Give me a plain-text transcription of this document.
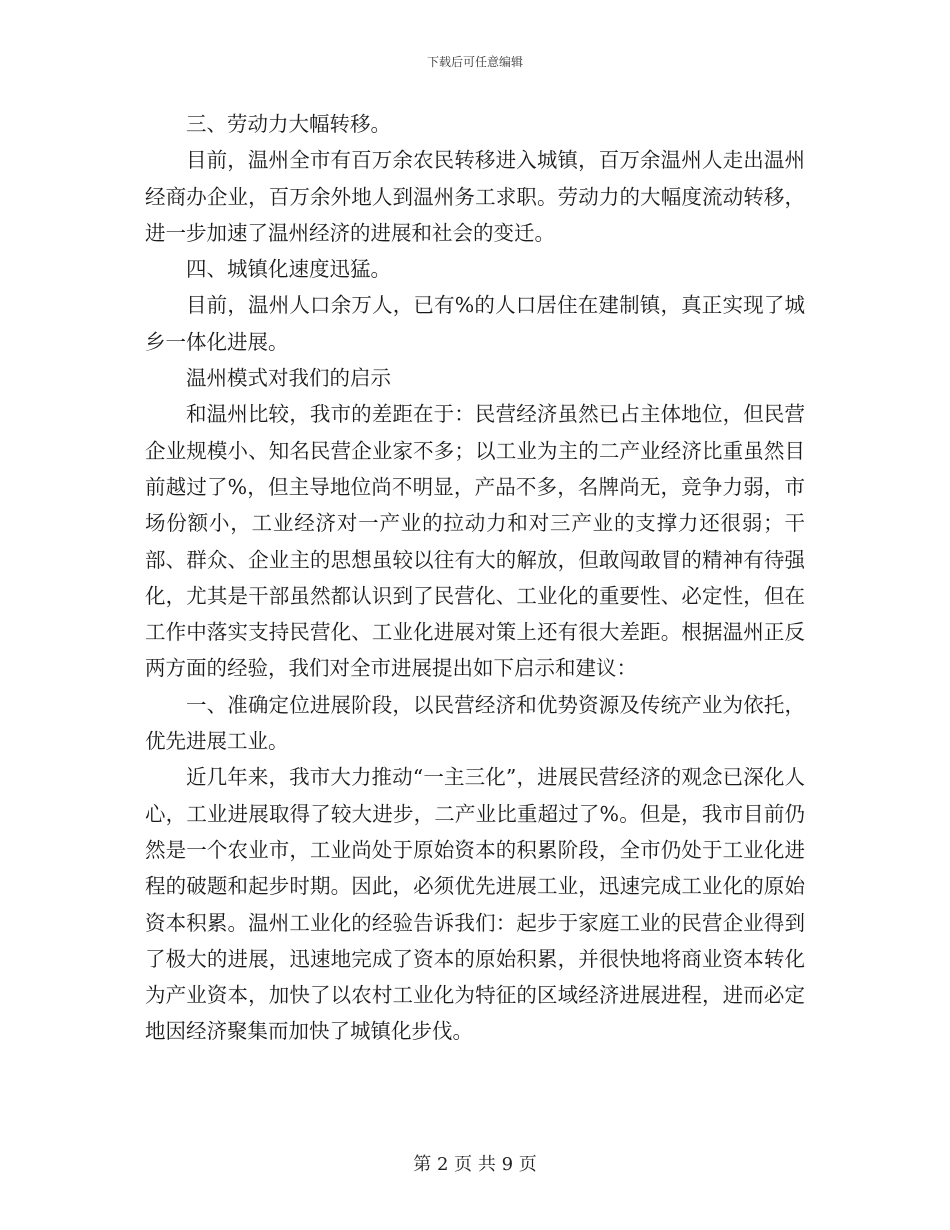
下载后可任意编辑

三、劳动力大幅转移。

目前，温州全市有百万余农民转移进入城镇，百万余温州人走出温州经商办企业，百万余外地人到温州务工求职。劳动力的大幅度流动转移，进一步加速了温州经济的进展和社会的变迁。

四、城镇化速度迅猛。

目前，温州人口余万人，已有%的人口居住在建制镇，真正实现了城乡一体化进展。

温州模式对我们的启示

和温州比较，我市的差距在于：民营经济虽然已占主体地位，但民营企业规模小、知名民营企业家不多；以工业为主的二产业经济比重虽然目前越过了%，但主导地位尚不明显，产品不多，名牌尚无，竞争力弱，市场份额小，工业经济对一产业的拉动力和对三产业的支撑力还很弱；干部、群众、企业主的思想虽较以往有大的解放，但敢闯敢冒的精神有待强化，尤其是干部虽然都认识到了民营化、工业化的重要性、必定性，但在工作中落实支持民营化、工业化进展对策上还有很大差距。根据温州正反两方面的经验，我们对全市进展提出如下启示和建议：

一、准确定位进展阶段，以民营经济和优势资源及传统产业为依托，优先进展工业。

近几年来，我市大力推动“一主三化”，进展民营经济的观念已深化人心，工业进展取得了较大进步，二产业比重超过了%。但是，我市目前仍然是一个农业市，工业尚处于原始资本的积累阶段，全市仍处于工业化进程的破题和起步时期。因此，必须优先进展工业，迅速完成工业化的原始资本积累。温州工业化的经验告诉我们：起步于家庭工业的民营企业得到了极大的进展，迅速地完成了资本的原始积累，并很快地将商业资本转化为产业资本，加快了以农村工业化为特征的区域经济进展进程，进而必定地因经济聚集而加快了城镇化步伐。

第 2 页 共 9 页
